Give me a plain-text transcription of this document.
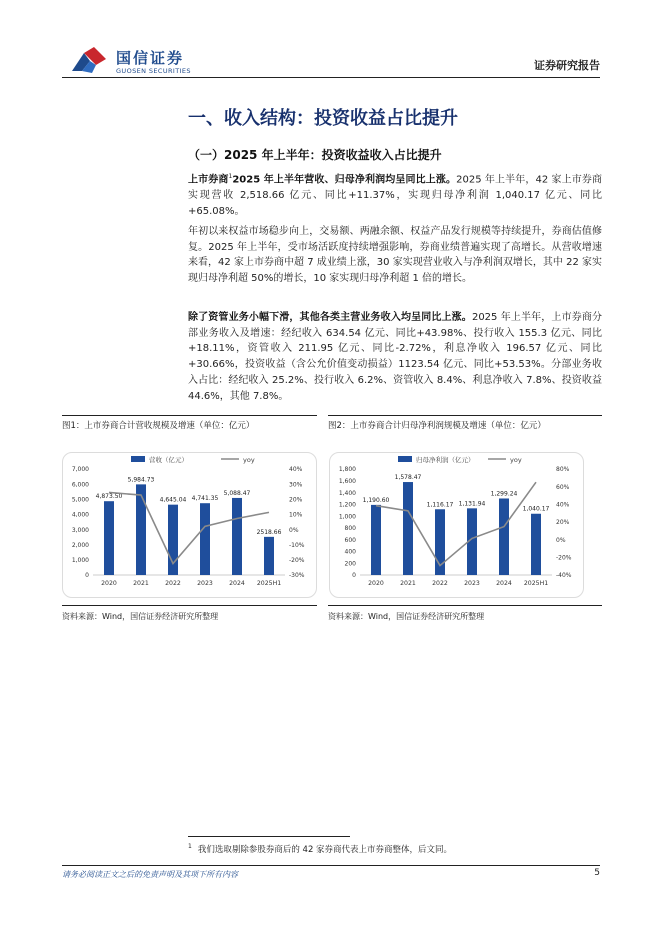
国信证券
GUOSEN SECURITIES	证券研究报告
一、收入结构：投资收益占比提升
（一）2025 年上半年：投资收益收入占比提升
上市券商$^1$2025 年上半年营收、归母净利润均呈同比上涨。2025 年上半年，42 家上市券商实现营收 2,518.66 亿元、同比+11.37%，实现归母净利润 1,040.17 亿元、同比+65.08%。
年初以来权益市场稳步向上，交易额、两融余额、权益产品发行规模等持续提升，券商估值修复。2025 年上半年，受市场活跃度持续增强影响，券商业绩普遍实现了高增长。从营收增速来看，42 家上市券商中超 7 成业绩上涨，30 家实现营业收入与净利润双增长，其中 22 家实现归母净利超 50%的增长，10 家实现归母净利超 1 倍的增长。
除了资管业务小幅下滑，其他各类主营业务收入均呈同比上涨。2025 年上半年，上市券商分部业务收入及增速：经纪收入 634.54 亿元、同比+43.98%、投行收入 155.3 亿元、同比+18.11%，资管收入 211.95 亿元、同比-2.72%，利息净收入 196.57 亿元、同比+30.66%，投资收益（含公允价值变动损益）1123.54 亿元、同比+53.53%。分部业务收入占比：经纪收入 25.2%、投行收入 6.2%、资管收入 8.4%、利息净收入 7.8%、投资收益 44.6%，其他 7.8%。
图1：上市券商合计营收规模及增速（单位：亿元）
营收（亿元）	yoy
7,000
6,000
5,000
4,000
3,000
2,000
1,000
0
40%
30%
20%
10%
0%
-10%
-20%
-30%
4,873.50
2020
5,984.73
2021
4,645.04
2022
4,741.35
2023
5,088.47
2024
2518.66
2025H1
资料来源：Wind，国信证券经济研究所整理
图2：上市券商合计归母净利润规模及增速（单位：亿元）
归母净利润（亿元）	yoy
1,800
1,600
1,400
1,200
1,000
800
600
400
200
0
80%
60%
40%
20%
0%
-20%
-40%
1,190.60
2020
1,578.47
2021
1,116.17
2022
1,131.94
2023
1,299.24
2024
1,040.17
2025H1
资料来源：Wind，国信证券经济研究所整理
$^1$ 我们选取剔除参股券商后的 42 家券商代表上市券商整体，后文同。
请务必阅读正文之后的免责声明及其项下所有内容	5
